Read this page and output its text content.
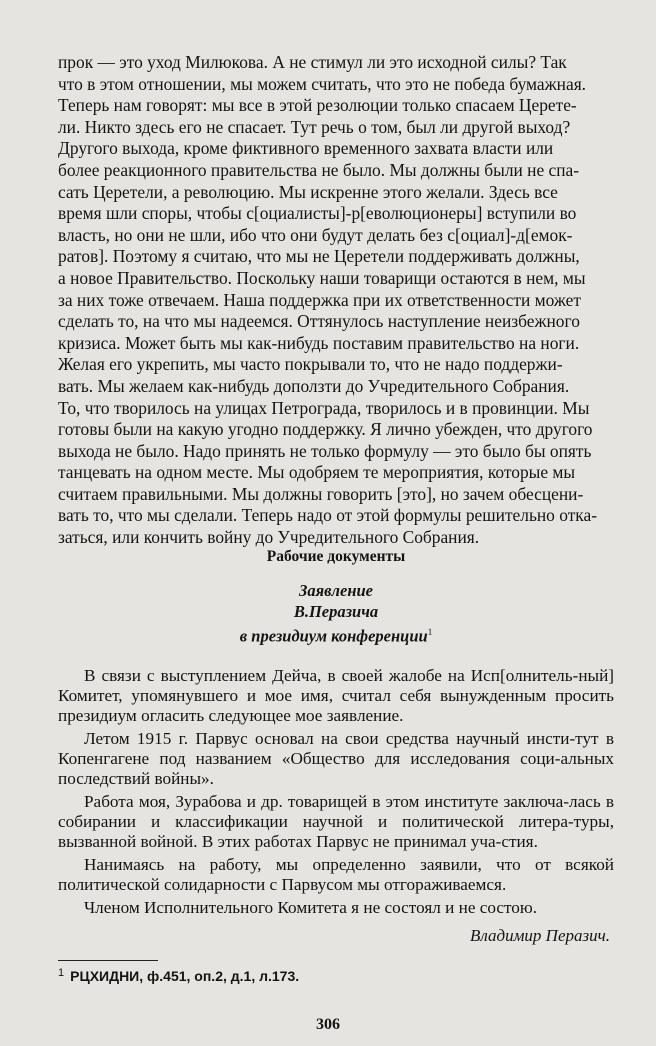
прок — это уход Милюкова. А не стимул ли это исходной силы? Так

что в этом отношении, мы можем считать, что это не победа бумажная.

Теперь нам говорят: мы все в этой резолюции только спасаем Церете-

ли. Никто здесь его не спасает. Тут речь о том, был ли другой выход?

Другого выхода, кроме фиктивного временного захвата власти или

более реакционного правительства не было. Мы должны были не спа-

сать Церетели, а революцию. Мы искренне этого желали. Здесь все

время шли споры, чтобы с[оциалисты]-р[еволюционеры] вступили во

власть, но они не шли, ибо что они будут делать без с[оциал]-д[емок-

ратов]. Поэтому я считаю, что мы не Церетели поддерживать должны,

а новое Правительство. Поскольку наши товарищи остаются в нем, мы

за них тоже отвечаем. Наша поддержка при их ответственности может

сделать то, на что мы надеемся. Оттянулось наступление неизбежного

кризиса. Может быть мы как-нибудь поставим правительство на ноги.

Желая его укрепить, мы часто покрывали то, что не надо поддержи-

вать. Мы желаем как-нибудь доползти до Учредительного Собрания.

То, что творилось на улицах Петрограда, творилось и в провинции. Мы

готовы были на какую угодно поддержку. Я лично убежден, что другого

выхода не было. Надо принять не только формулу — это было бы опять

танцевать на одном месте. Мы одобряем те мероприятия, которые мы

считаем правильными. Мы должны говорить [это], но зачем обесцени-

вать то, что мы сделали. Теперь надо от этой формулы решительно отка-

заться, или кончить войну до Учредительного Собрания.

Рабочие документы
Заявление
В.Перазича
в президиум конференции$^1$

В связи с выступлением Дейча, в своей жалобе на Исп[олнитель-ный] Комитет, упомянувшего и мое имя, считал себя вынужденным просить президиум огласить следующее мое заявление.

Летом 1915 г. Парвус основал на свои средства научный инсти-тут в Копенгагене под названием «Общество для исследования соци-альных последствий войны».

Работа моя, Зурабова и др. товарищей в этом институте заключа-лась в собирании и классификации научной и политической литера-туры, вызванной войной. В этих работах Парвус не принимал уча-стия.

Нанимаясь на работу, мы определенно заявили, что от всякой политической солидарности с Парвусом мы отгораживаемся.

Членом Исполнительного Комитета я не состоял и не состою.

Владимир Перазич.
$^1$ РЦХИДНИ, ф.451, оп.2, д.1, л.173.
306
